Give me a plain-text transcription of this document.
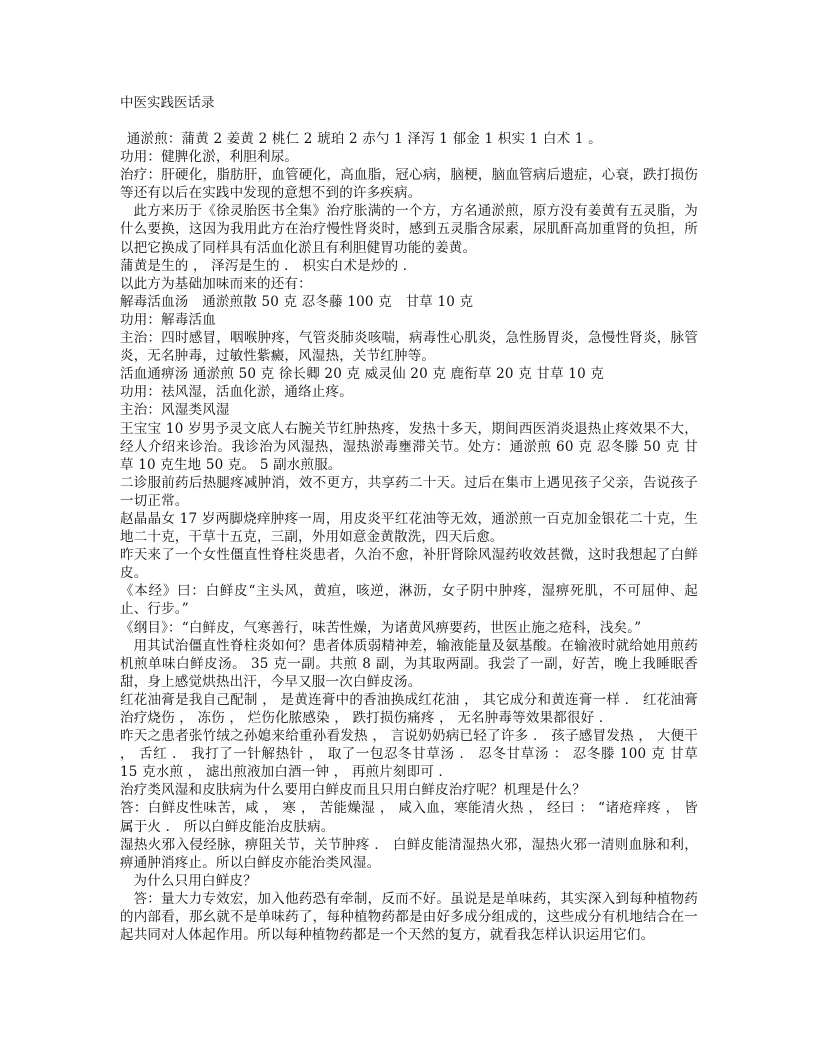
中医实践医话录

通淤煎：蒲黄 2 姜黄 2 桃仁 2 琥珀 2 赤勺 1 泽泻 1 郁金 1 枳实 1 白术 1 。

功用：健脾化淤，利胆利尿。

治疗：肝硬化，脂肪肝，血管硬化，高血脂，冠心病，脑梗，脑血管病后遗症，心衰，跌打损伤等还有以后在实践中发现的意想不到的许多疾病。

此方来历于《徐灵胎医书全集》治疗胀满的一个方，方名通淤煎，原方没有姜黄有五灵脂，为什么要换，这因为我用此方在治疗慢性肾炎时，感到五灵脂含尿素，尿肌酐高加重肾的负担，所以把它换成了同样具有活血化淤且有利胆健胃功能的姜黄。

蒲黄是生的 ， 泽泻是生的 ． 枳实白术是炒的 ．

以此方为基础加味而来的还有：

解毒活血汤　通淤煎散 50 克 忍冬藤 100 克　甘草 10 克

功用：解毒活血

主治：四时感冒，咽喉肿疼，气管炎肺炎咳喘，病毒性心肌炎，急性肠胃炎，急慢性肾炎，脉管炎，无名肿毒，过敏性紫癜，风湿热，关节红肿等。

活血通痹汤 通淤煎 50 克 徐长卿 20 克 威灵仙 20 克 鹿衔草 20 克 甘草 10 克

功用：祛风湿，活血化淤，通络止疼。

主治：风湿类风湿

王宝宝 10 岁男予灵文底人右腕关节红肿热疼，发热十多天，期间西医消炎退热止疼效果不大，经人介绍来诊治。我诊治为风湿热，湿热淤毒壅滞关节。处方：通淤煎 60 克 忍冬滕 50 克 甘草 10 克生地 50 克。 5 副水煎服。

二诊服前药后热腿疼减肿消，效不更方，共享药二十天。过后在集市上遇见孩子父亲，告说孩子一切正常。

赵晶晶女 17 岁两脚烧痒肿疼一周，用皮炎平红花油等无效，通淤煎一百克加金银花二十克，生地二十克，干草十五克，三副，外用如意金黄散洗，四天后愈。

昨天来了一个女性僵直性脊柱炎患者，久治不愈，补肝肾除风湿药收效甚微，这时我想起了白鲜皮。

《本经》曰：白鲜皮“主头风，黄疸，咳逆，淋沥，女子阴中肿疼，湿痹死肌，不可屈伸、起止、行步。”

《纲目》：“白鲜皮，气寒善行，味苦性燥，为诸黄风痹要药，世医止施之疮科，浅矣。”

用其试治僵直性脊柱炎如何？患者体质弱精神差，输液能量及氨基酸。在输液时就给她用煎药机煎单味白鲜皮汤。 35 克一副。共煎 8 副，为其取两副。我尝了一副，好苦，晚上我睡眠香甜，身上感觉烘热出汗，今早又服一次白鲜皮汤。

红花油膏是我自己配制 ， 是黄连膏中的香油换成红花油 ， 其它成分和黄连膏一样 ． 红花油膏治疗烧伤 ， 冻伤 ， 烂伤化脓感染 ， 跌打损伤痛疼 ， 无名肿毒等效果都很好 ．

昨天之患者张竹绒之孙媳来给重孙看发热 ， 言说奶奶病已轻了许多 ． 孩子感冒发热 ， 大便干 ， 舌红 ． 我打了一针解热针 ， 取了一包忍冬甘草汤 ． 忍冬甘草汤 ： 忍冬滕 100 克 甘草 15 克水煎 ， 滤出煎液加白酒一钟 ， 再煎片刻即可 ．

治疗类风湿和皮肤病为什么要用白鲜皮而且只用白鲜皮治疗呢？机理是什么？

答：白鲜皮性味苦，咸 ， 寒 ， 苦能燥湿 ， 咸入血，寒能清火热 ， 经曰 ： “诸疮痒疼 ， 皆属于火 ． 所以白鲜皮能治皮肤病。

湿热火邪入侵经脉，痹阻关节，关节肿疼 ． 白鲜皮能清湿热火邪，湿热火邪一清则血脉和利，痹通肿消疼止。所以白鲜皮亦能治类风湿。

为什么只用白鲜皮？

答：量大力专效宏，加入他药恐有牵制，反而不好。虽说是是单味药，其实深入到每种植物药的内部看，那幺就不是单味药了，每种植物药都是由好多成分组成的，这些成分有机地结合在一起共同对人体起作用。所以每种植物药都是一个天然的复方，就看我怎样认识运用它们。
